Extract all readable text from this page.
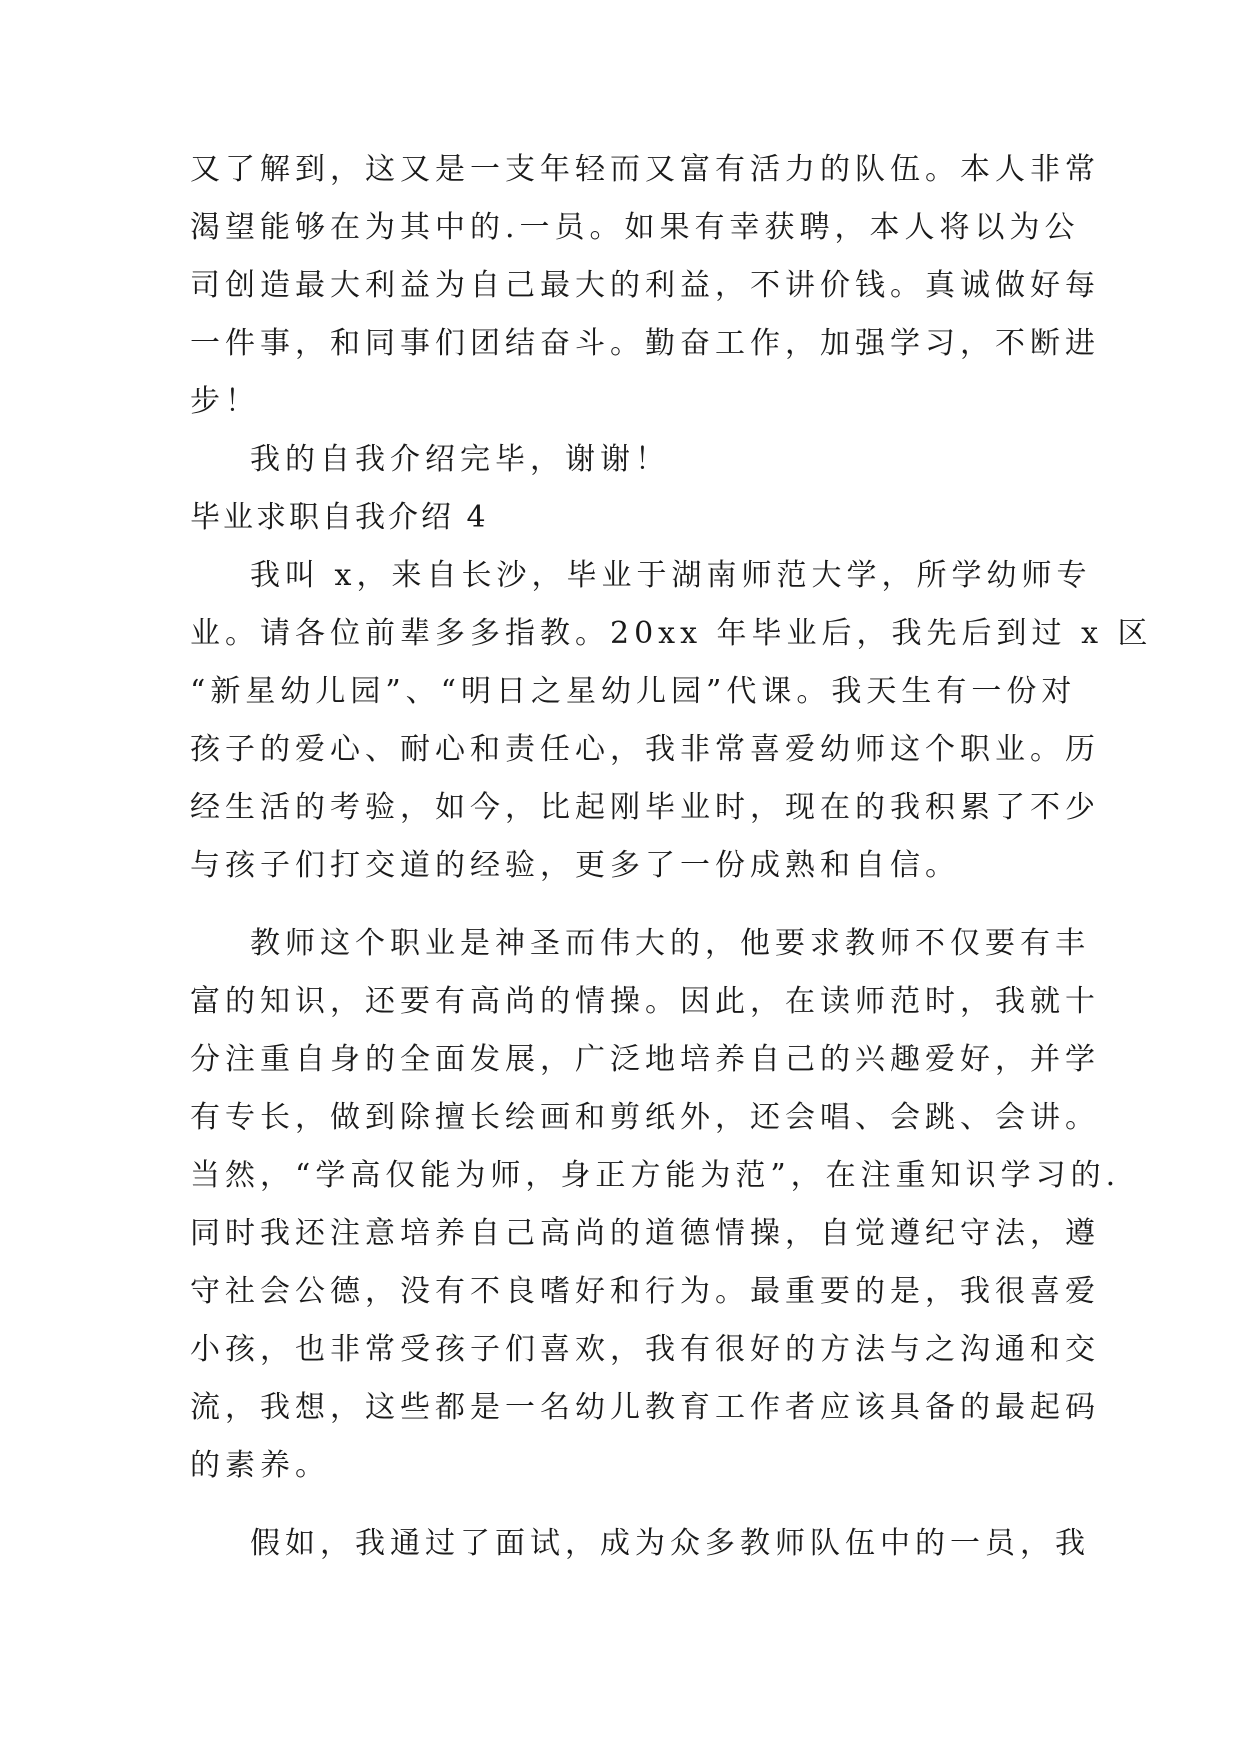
又了解到，这又是一支年轻而又富有活力的队伍。本人非常
渴望能够在为其中的.一员。如果有幸获聘，本人将以为公
司创造最大利益为自己最大的利益，不讲价钱。真诚做好每
一件事，和同事们团结奋斗。勤奋工作，加强学习，不断进
步！
我的自我介绍完毕，谢谢！
毕业求职自我介绍 4
我叫 x，来自长沙，毕业于湖南师范大学，所学幼师专
业。请各位前辈多多指教。20xx 年毕业后，我先后到过 x 区
“新星幼儿园”、“明日之星幼儿园”代课。我天生有一份对
孩子的爱心、耐心和责任心，我非常喜爱幼师这个职业。历
经生活的考验，如今，比起刚毕业时，现在的我积累了不少
与孩子们打交道的经验，更多了一份成熟和自信。
教师这个职业是神圣而伟大的，他要求教师不仅要有丰
富的知识，还要有高尚的情操。因此，在读师范时，我就十
分注重自身的全面发展，广泛地培养自己的兴趣爱好，并学
有专长，做到除擅长绘画和剪纸外，还会唱、会跳、会讲。
当然，“学高仅能为师，身正方能为范”，在注重知识学习的.
同时我还注意培养自己高尚的道德情操，自觉遵纪守法，遵
守社会公德，没有不良嗜好和行为。最重要的是，我很喜爱
小孩，也非常受孩子们喜欢，我有很好的方法与之沟通和交
流，我想，这些都是一名幼儿教育工作者应该具备的最起码
的素养。
假如，我通过了面试，成为众多教师队伍中的一员，我
